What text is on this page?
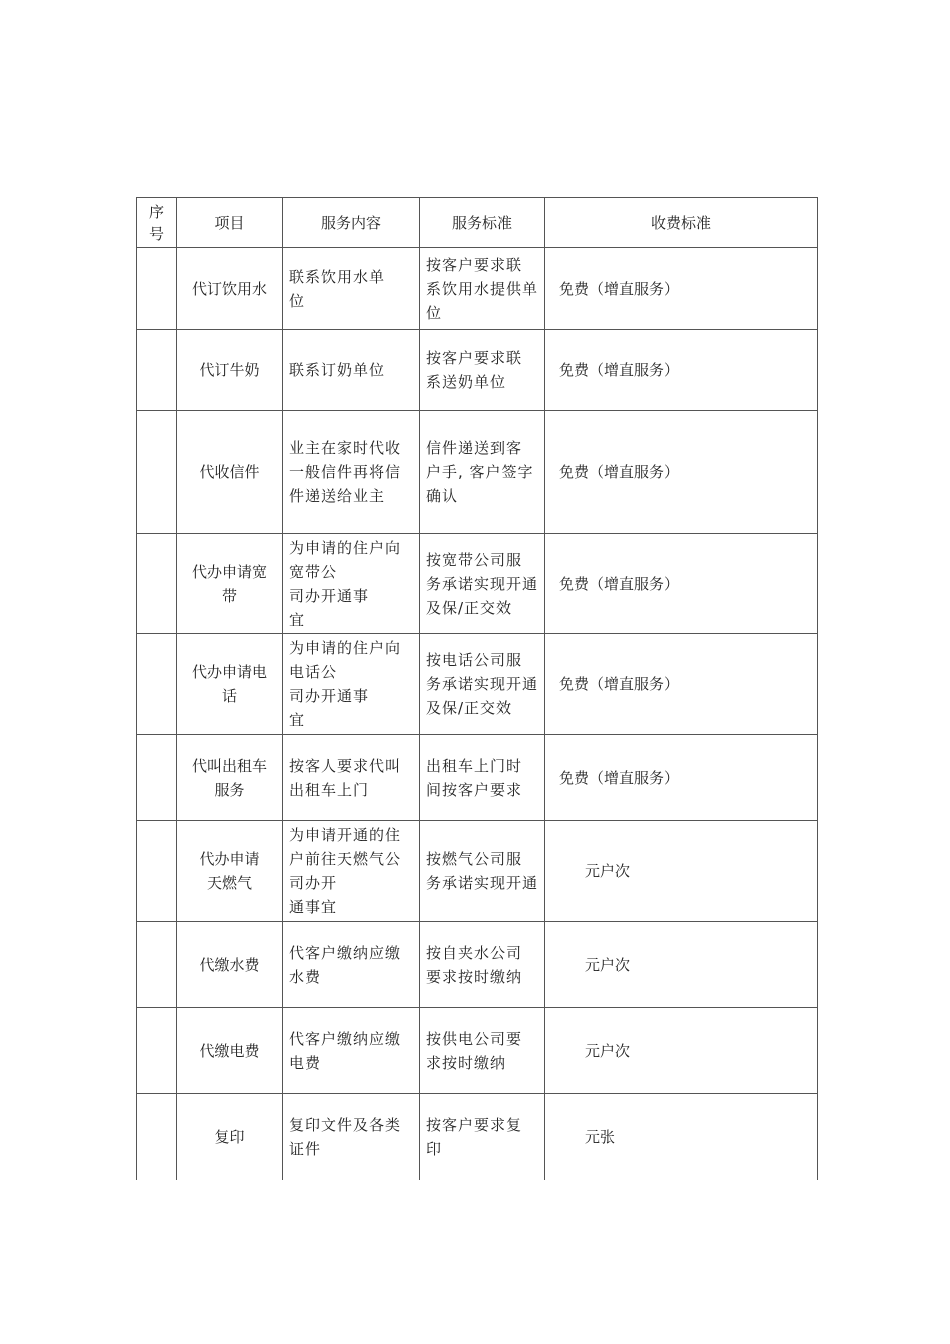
序
号	项目	服务内容	服务标准	收费标准

	代订饮用水	联系饮用水单
位	按客户要求联
系饮用水提供单
位	免费（增直服务）

	代订牛奶	联系订奶单位	按客户要求联
系送奶单位	免费（增直服务）

	代收信件	业主在家时代收
一般信件再将信
件递送给业主	信件递送到客
户手, 客户签字
确认	免费（增直服务）

	代办申请宽
带	为申请的住户向
宽带公
司办开通事
宜	按宽带公司服
务承诺实现开通
及保/正交效	免费（增直服务）

	代办申请电
话	为申请的住户向
电话公
司办开通事
宜	按电话公司服
务承诺实现开通
及保/正交效	免费（增直服务）

	代叫出租车
服务	按客人要求代叫
出租车上门	出租车上门时
间按客户要求	免费（增直服务）

	代办申请
天燃气	为申请开通的住
户前往天燃气公
司办开
通事宜	按燃气公司服
务承诺实现开通	元户次

	代缴水费	代客户缴纳应缴
水费	按自夹水公司
要求按时缴纳	元户次

	代缴电费	代客户缴纳应缴
电费	按供电公司要
求按时缴纳	元户次

	复印	复印文件及各类
证件	按客户要求复
印	元张
